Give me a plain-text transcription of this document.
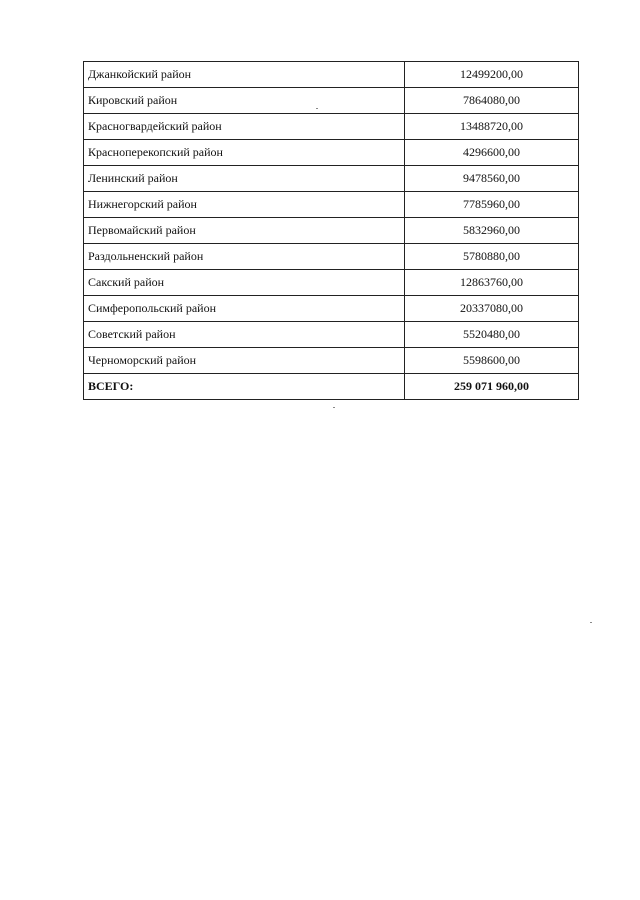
Джанкойский район	12499200,00
Кировский район	7864080,00
Красногвардейский район	13488720,00
Красноперекопский район	4296600,00
Ленинский район	9478560,00
Нижнегорский район	7785960,00
Первомайский район	5832960,00
Раздольненский район	5780880,00
Сакский район	12863760,00
Симферопольский район	20337080,00
Советский район	5520480,00
Черноморский район	5598600,00
ВСЕГО:	259 071 960,00
